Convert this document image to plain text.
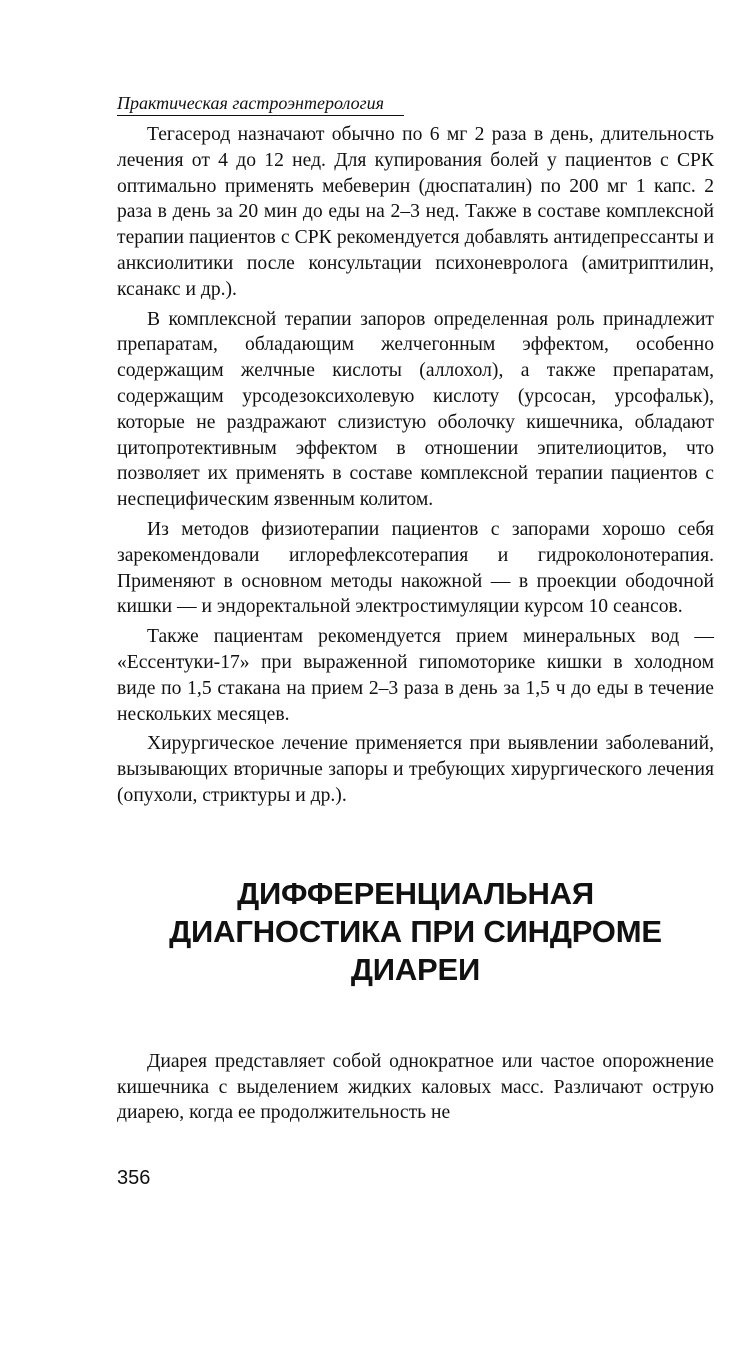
Практическая гастроэнтерология

Тегасерод назначают обычно по 6 мг 2 раза в день, длительность лечения от 4 до 12 нед. Для купирования болей у пациентов с СРК оптимально применять мебеверин (дюспаталин) по 200 мг 1 капс. 2 раза в день за 20 мин до еды на 2–3 нед. Также в составе комплексной терапии пациентов с СРК рекомендуется добавлять антидепрессанты и анксиолитики после консультации психоневролога (амитриптилин, ксанакс и др.).

В комплексной терапии запоров определенная роль принадлежит препаратам, обладающим желчегонным эффектом, особенно содержащим желчные кислоты (аллохол), а также препаратам, содержащим урсодезоксихолевую кислоту (урсосан, урсофальк), которые не раздражают слизистую оболочку кишечника, обладают цитопротективным эффектом в отношении эпителиоцитов, что позволяет их применять в составе комплексной терапии пациентов с неспецифическим язвенным колитом.

Из методов физиотерапии пациентов с запорами хорошо себя зарекомендовали иглорефлексотерапия и гидроколонотерапия. Применяют в основном методы накожной — в проекции ободочной кишки — и эндоректальной электростимуляции курсом 10 сеансов.

Также пациентам рекомендуется прием минеральных вод — «Ессентуки-17» при выраженной гипомоторике кишки в холодном виде по 1,5 стакана на прием 2–3 раза в день за 1,5 ч до еды в течение нескольких месяцев.

Хирургическое лечение применяется при выявлении заболеваний, вызывающих вторичные запоры и требующих хирургического лечения (опухоли, стриктуры и др.).

ДИФФЕРЕНЦИАЛЬНАЯ
ДИАГНОСТИКА ПРИ СИНДРОМЕ
ДИАРЕИ

Диарея представляет собой однократное или частое опорожнение кишечника с выделением жидких каловых масс. Различают острую диарею, когда ее продолжительность не

356
